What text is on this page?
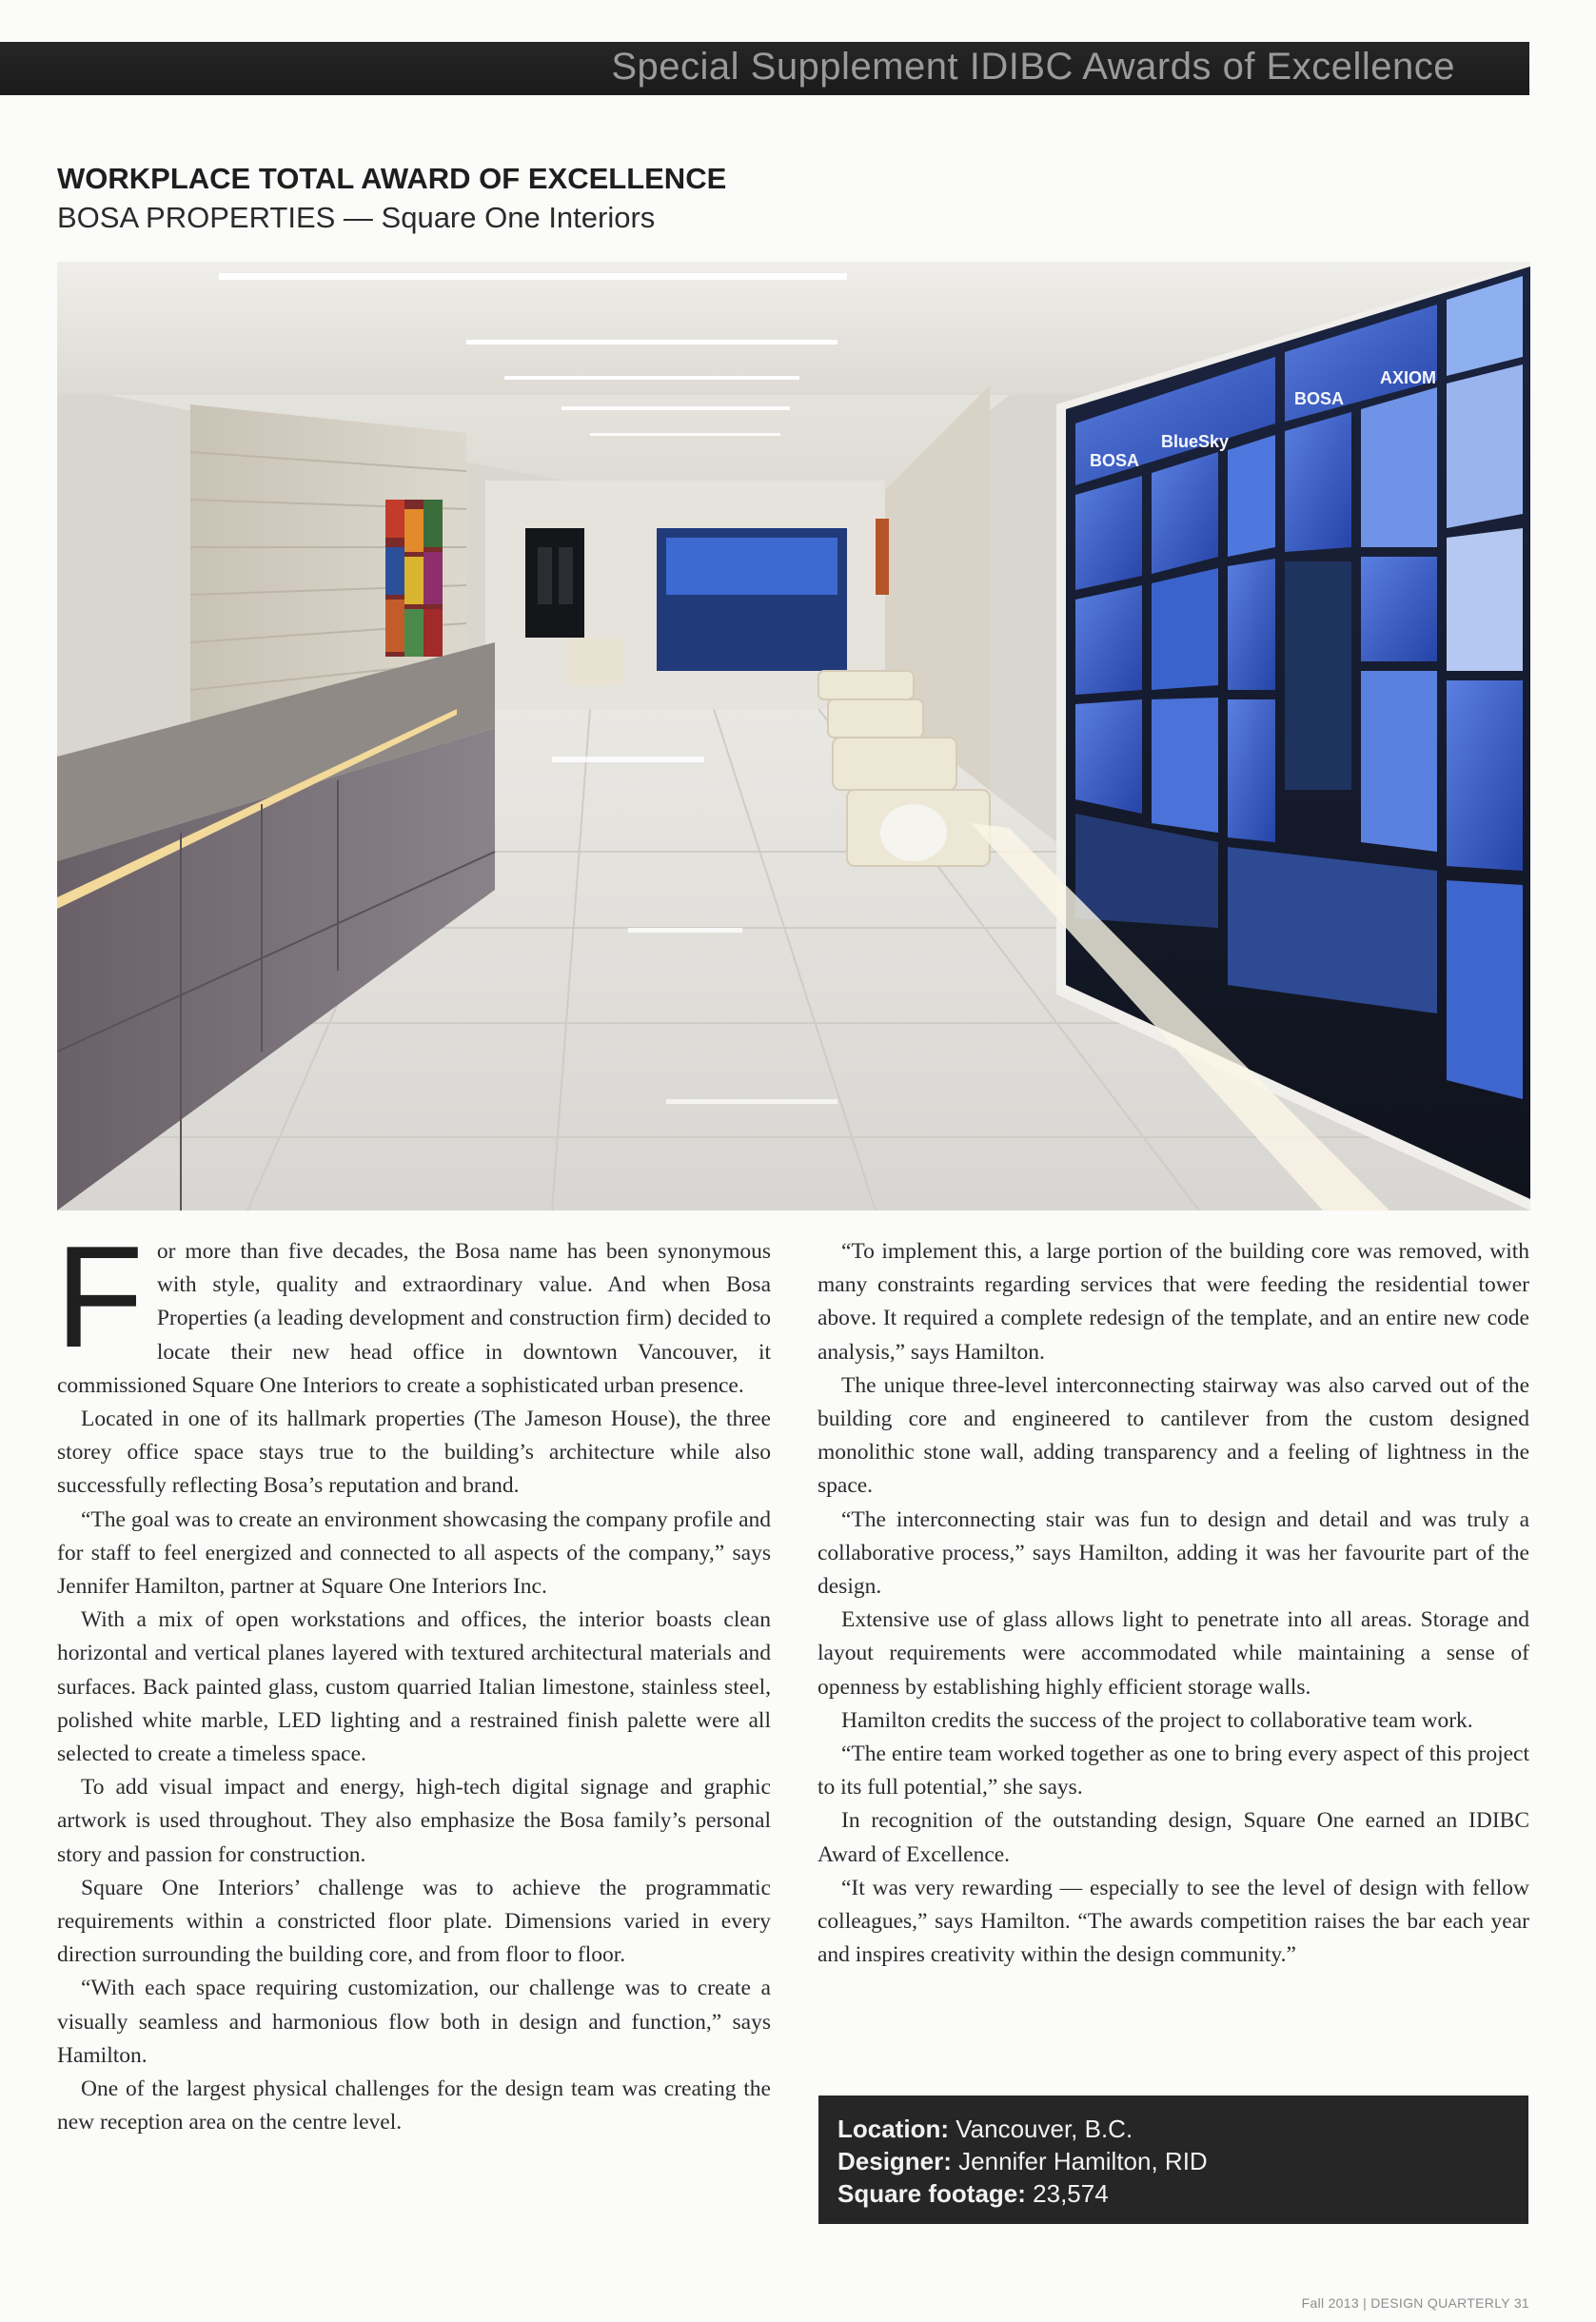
Special Supplement IDIBC Awards of Excellence
WORKPLACE TOTAL AWARD OF EXCELLENCE
BOSA PROPERTIES — Square One Interiors
BOSA
BlueSky
BOSA
AXIOM
F or more than five decades, the Bosa name has been synonymous with style, quality and extraordinary value. And when Bosa Properties (a leading development and construction firm) decided to locate their new head office in downtown Vancouver, it commissioned Square One Interiors to create a sophisticated urban presence.

Located in one of its hallmark properties (The Jameson House), the three storey office space stays true to the building’s architecture while also successfully reflecting Bosa’s reputation and brand.

“The goal was to create an environment showcasing the company profile and for staff to feel energized and connected to all aspects of the company,” says Jennifer Hamilton, partner at Square One Interiors Inc.

With a mix of open workstations and offices, the interior boasts clean horizontal and vertical planes layered with textured architectural materials and surfaces. Back painted glass, custom quarried Italian limestone, stainless steel, polished white marble, LED lighting and a restrained finish palette were all selected to create a timeless space.

To add visual impact and energy, high-tech digital signage and graphic artwork is used throughout. They also emphasize the Bosa family’s personal story and passion for construction.

Square One Interiors’ challenge was to achieve the programmatic requirements within a constricted floor plate. Dimensions varied in every direction surrounding the building core, and from floor to floor.

“With each space requiring customization, our challenge was to create a visually seamless and harmonious flow both in design and function,” says Hamilton.

One of the largest physical challenges for the design team was creating the new reception area on the centre level.

“To implement this, a large portion of the building core was removed, with many constraints regarding services that were feeding the residential tower above. It required a complete redesign of the template, and an entire new code analysis,” says Hamilton.

The unique three-level interconnecting stairway was also carved out of the building core and engineered to cantilever from the custom designed monolithic stone wall, adding transparency and a feeling of lightness in the space.

“The interconnecting stair was fun to design and detail and was truly a collaborative process,” says Hamilton, adding it was her favourite part of the design.

Extensive use of glass allows light to penetrate into all areas. Storage and layout requirements were accommodated while maintaining a sense of openness by establishing highly efficient storage walls.

Hamilton credits the success of the project to collaborative team work.

“The entire team worked together as one to bring every aspect of this project to its full potential,” she says.

In recognition of the outstanding design, Square One earned an IDIBC Award of Excellence.

“It was very rewarding — especially to see the level of design with fellow colleagues,” says Hamilton. “The awards competition raises the bar each year and inspires creativity within the design community.”

Location: Vancouver, B.C.
Designer: Jennifer Hamilton, RID
Square footage: 23,574
Fall 2013 | DESIGN QUARTERLY 31
